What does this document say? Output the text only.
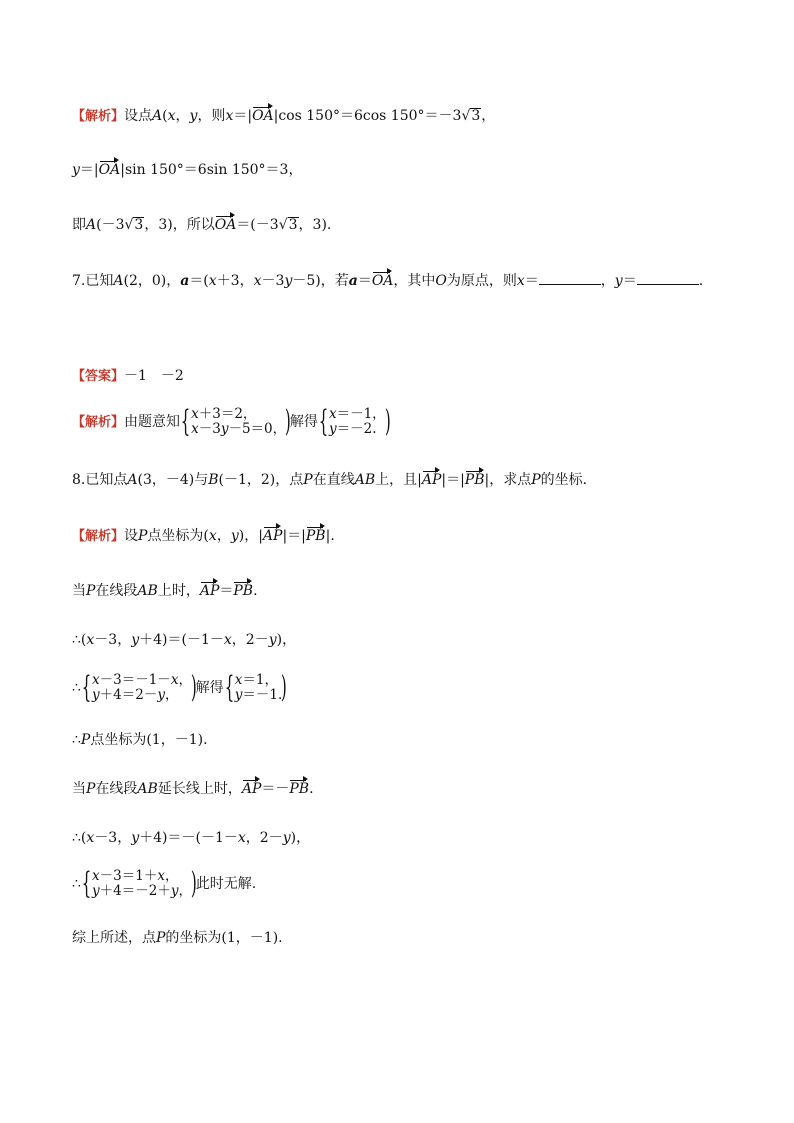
【解析】设点A(x，y，则x＝|OA|cos 150°＝6cos 150°＝－3√3，
y＝|OA|sin 150°＝6sin 150°＝3，
即A(－3√3，3)，所以OA＝(－3√3，3).
7.已知A(2，0)，a＝(x＋3，x－3y－5)，若a＝OA，其中O为原点，则x＝	，y＝	.
【答案】－1　－2
【解析】由题意知 { x＋3＝2，
x－3y－5＝0，
)
解得 { x＝－1，
y＝－2. )
8.已知点A(3，－4)与B(－1，2)，点P在直线AB上，且|AP|＝|PB|，求点P的坐标.
【解析】设P点坐标为(x，y)，|AP|＝|PB|.
当P在线段AB上时，AP＝PB.
∴(x－3，y＋4)＝(－1－x，2－y)，
∴ { x－3＝－1－x，
y＋4＝2－y， )
解得 { x＝1，
y＝－1.
)
∴P点坐标为(1，－1).
当P在线段AB延长线上时，AP＝－PB.
∴(x－3，y＋4)＝－(－1－x，2－y)，
∴ { x－3＝1＋x，
y＋4＝－2＋y，
)
此时无解.
综上所述，点P的坐标为(1，－1).
